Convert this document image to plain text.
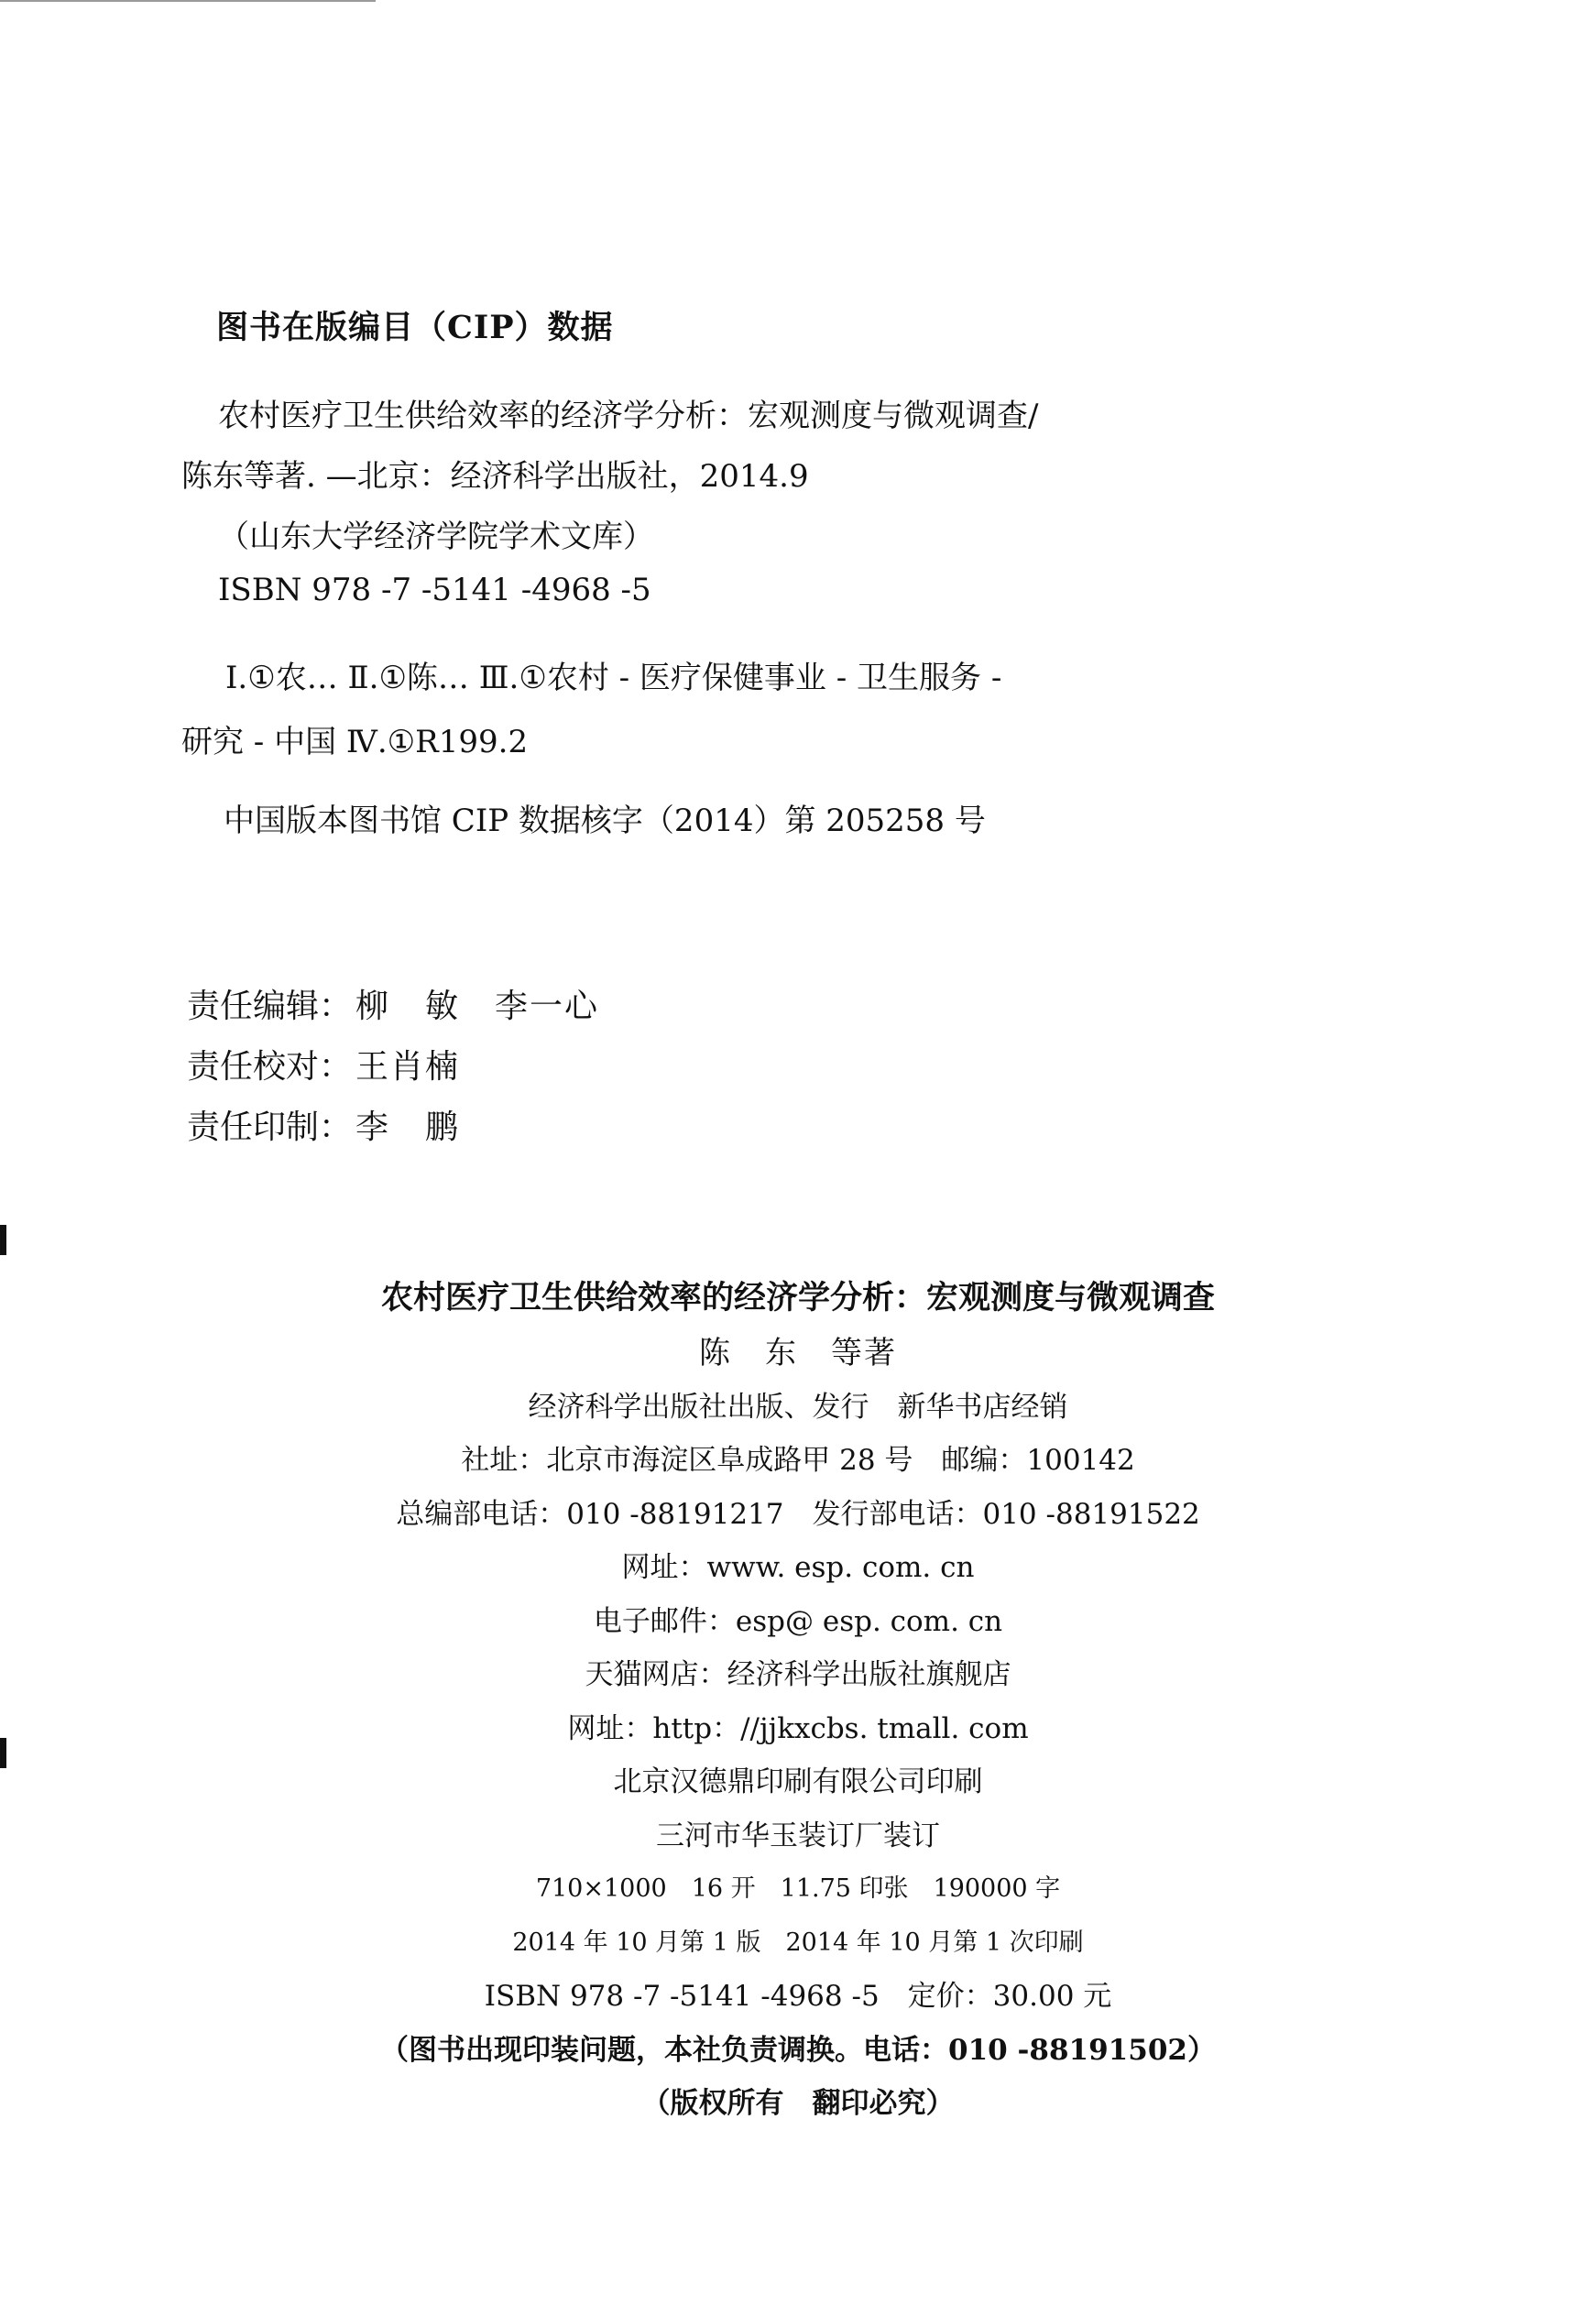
图书在版编目（CIP）数据
农村医疗卫生供给效率的经济学分析：宏观测度与微观调查/
陈东等著. —北京：经济科学出版社，2014.9
（山东大学经济学院学术文库）
ISBN 978 -7 -5141 -4968 -5
Ⅰ.①农… Ⅱ.①陈… Ⅲ.①农村 - 医疗保健事业 - 卫生服务 -
研究 - 中国 Ⅳ.①R199.2
中国版本图书馆 CIP 数据核字（2014）第 205258 号
责任编辑： 柳　敏　李一心
责任校对： 王肖楠
责任印制： 李　鹏
农村医疗卫生供给效率的经济学分析：宏观测度与微观调查
陈　东　等著
经济科学出版社出版、发行　新华书店经销
社址：北京市海淀区阜成路甲 28 号　邮编：100142
总编部电话：010 -88191217　发行部电话：010 -88191522
网址：www. esp. com. cn
电子邮件：esp@ esp. com. cn
天猫网店：经济科学出版社旗舰店
网址：http：//jjkxcbs. tmall. com
北京汉德鼎印刷有限公司印刷
三河市华玉装订厂装订
710×1000　16 开　11.75 印张　190000 字
2014 年 10 月第 1 版　2014 年 10 月第 1 次印刷
ISBN 978 -7 -5141 -4968 -5　定价：30.00 元
（图书出现印装问题，本社负责调换。电话：010 -88191502）
（版权所有　翻印必究）
